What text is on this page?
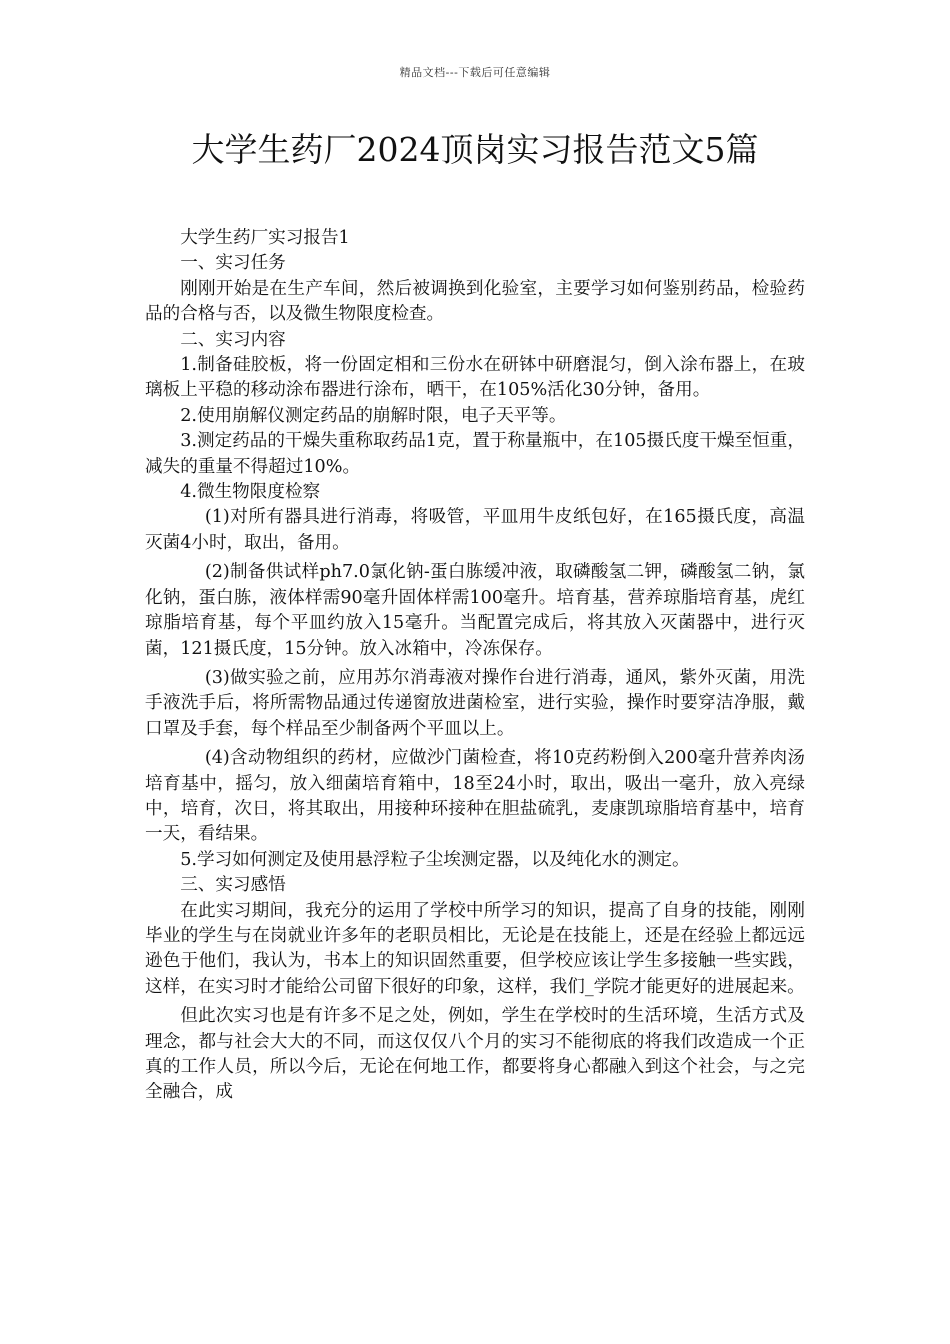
精品文档---下载后可任意编辑
大学生药厂2024顶岗实习报告范文5篇

大学生药厂实习报告1

一、实习任务

刚刚开始是在生产车间，然后被调换到化验室，主要学习如何鉴别药品，检验药品的合格与否，以及微生物限度检查。

二、实习内容

1.制备硅胶板，将一份固定相和三份水在研钵中研磨混匀，倒入涂布器上，在玻璃板上平稳的移动涂布器进行涂布，晒干，在105%活化30分钟，备用。

2.使用崩解仪测定药品的崩解时限，电子天平等。

3.测定药品的干燥失重称取药品1克，置于称量瓶中，在105摄氏度干燥至恒重，减失的重量不得超过10%。

4.微生物限度检察

(1)对所有器具进行消毒，将吸管，平皿用牛皮纸包好，在165摄氏度，高温灭菌4小时，取出，备用。

(2)制备供试样ph7.0氯化钠-蛋白胨缓冲液，取磷酸氢二钾，磷酸氢二钠，氯化钠，蛋白胨，液体样需90毫升固体样需100毫升。培育基，营养琼脂培育基，虎红琼脂培育基，每个平皿约放入15毫升。当配置完成后，将其放入灭菌器中，进行灭菌，121摄氏度，15分钟。放入冰箱中，冷冻保存。

(3)做实验之前，应用苏尔消毒液对操作台进行消毒，通风，紫外灭菌，用洗手液洗手后，将所需物品通过传递窗放进菌检室，进行实验，操作时要穿洁净服，戴口罩及手套，每个样品至少制备两个平皿以上。

(4)含动物组织的药材，应做沙门菌检查，将10克药粉倒入200毫升营养肉汤培育基中，摇匀，放入细菌培育箱中，18至24小时，取出，吸出一毫升，放入亮绿中，培育，次日，将其取出，用接种环接种在胆盐硫乳，麦康凯琼脂培育基中，培育一天，看结果。

5.学习如何测定及使用悬浮粒子尘埃测定器，以及纯化水的测定。

三、实习感悟

在此实习期间，我充分的运用了学校中所学习的知识，提高了自身的技能，刚刚毕业的学生与在岗就业许多年的老职员相比，无论是在技能上，还是在经验上都远远逊色于他们，我认为，书本上的知识固然重要，但学校应该让学生多接触一些实践，这样，在实习时才能给公司留下很好的印象，这样，我们_学院才能更好的进展起来。

但此次实习也是有许多不足之处，例如，学生在学校时的生活环境，生活方式及理念，都与社会大大的不同，而这仅仅八个月的实习不能彻底的将我们改造成一个正真的工作人员，所以今后，无论在何地工作，都要将身心都融入到这个社会，与之完全融合，成
